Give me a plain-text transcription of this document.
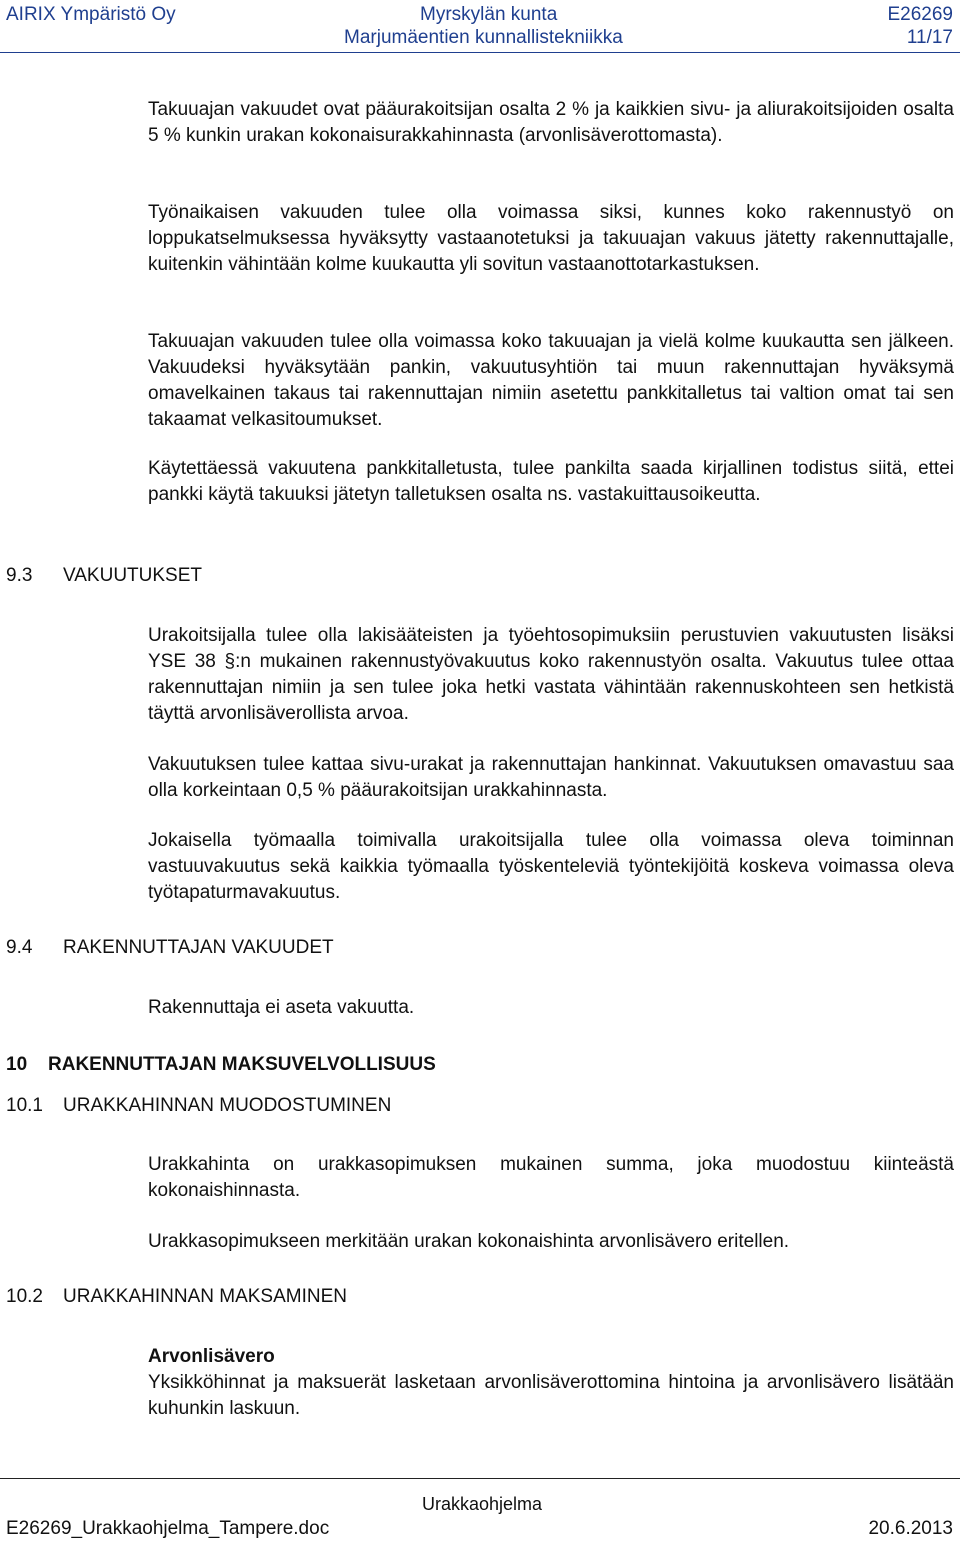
AIRIX Ympäristö Oy	Myrskylän kunta
Marjumäentien kunnallistekniikka
E26269
11/17

Takuuajan vakuudet ovat pääurakoitsijan osalta 2 % ja kaikkien sivu- ja aliurakoitsijoiden osalta 5 % kunkin urakan kokonaisurakkahinnasta (arvonlisäverottomasta).

Työnaikaisen vakuuden tulee olla voimassa siksi, kunnes koko rakennustyö on loppukatselmuksessa hyväksytty vastaanotetuksi ja takuuajan vakuus jätetty rakennuttajalle, kuitenkin vähintään kolme kuukautta yli sovitun vastaanottotarkastuksen.

Takuuajan vakuuden tulee olla voimassa koko takuuajan ja vielä kolme kuukautta sen jälkeen. Vakuudeksi hyväksytään pankin, vakuutusyhtiön tai muun rakennuttajan hyväksymä omavelkainen takaus tai rakennuttajan nimiin asetettu pankkitalletus tai valtion omat tai sen takaamat velkasitoumukset.

Käytettäessä vakuutena pankkitalletusta, tulee pankilta saada kirjallinen todistus siitä, ettei pankki käytä takuuksi jätetyn talletuksen osalta ns. vastakuittausoikeutta.

9.3 VAKUUTUKSET

Urakoitsijalla tulee olla lakisääteisten ja työehtosopimuksiin perustuvien vakuutusten lisäksi YSE 38 §:n mukainen rakennustyövakuutus koko rakennustyön osalta. Vakuutus tulee ottaa rakennuttajan nimiin ja sen tulee joka hetki vastata vähintään rakennuskohteen sen hetkistä täyttä arvonlisäverollista arvoa.

Vakuutuksen tulee kattaa sivu-urakat ja rakennuttajan hankinnat. Vakuutuksen omavastuu saa olla korkeintaan 0,5 % pääurakoitsijan urakkahinnasta.

Jokaisella työmaalla toimivalla urakoitsijalla tulee olla voimassa oleva toiminnan vastuuvakuutus sekä kaikkia työmaalla työskenteleviä työntekijöitä koskeva voimassa oleva työtapaturmavakuutus.

9.4 RAKENNUTTAJAN VAKUUDET

Rakennuttaja ei aseta vakuutta.

10 RAKENNUTTAJAN MAKSUVELVOLLISUUS
10.1 URAKKAHINNAN MUODOSTUMINEN

Urakkahinta on urakkasopimuksen mukainen summa, joka muodostuu kiinteästä kokonaishinnasta.

Urakkasopimukseen merkitään urakan kokonaishinta arvonlisävero eritellen.

10.2 URAKKAHINNAN MAKSAMINEN

Arvonlisävero

Yksikköhinnat ja maksuerät lasketaan arvonlisäverottomina hintoina ja arvonlisävero lisätään kuhunkin laskuun.

Urakkaohjelma
E26269_Urakkaohjelma_Tampere.doc	20.6.2013
